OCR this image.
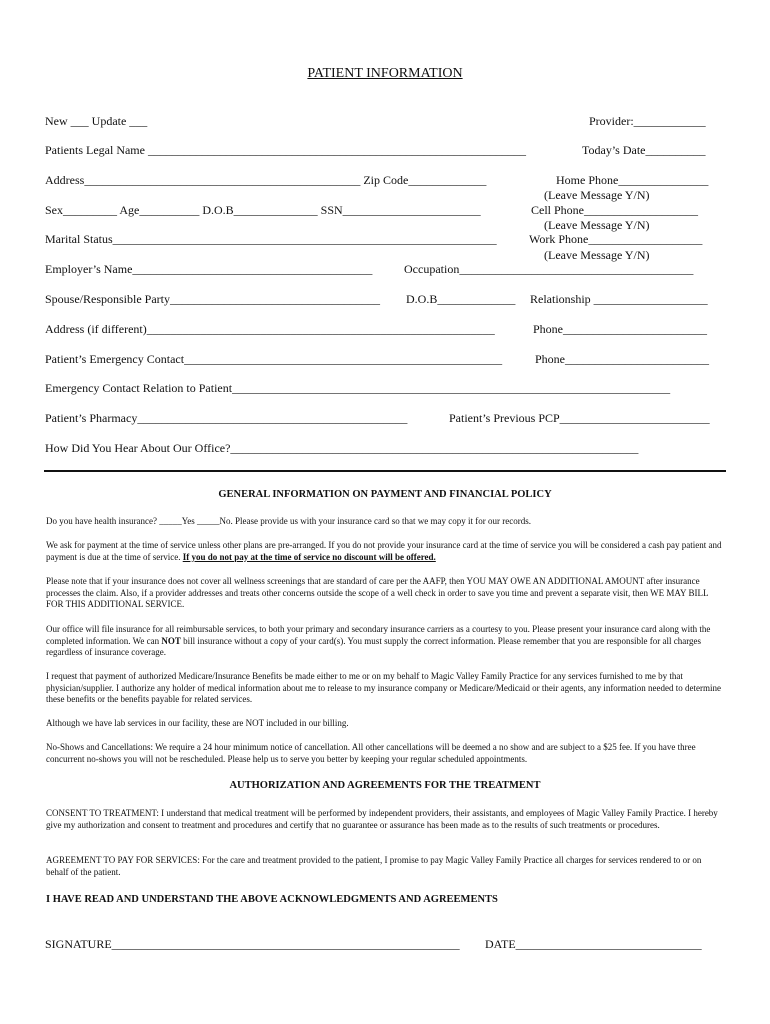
PATIENT INFORMATION
New ___ Update ___	Provider:____________
Patients Legal Name _______________________________________________________________	Today’s Date__________
Address______________________________________________ Zip Code_____________	Home Phone_______________
(Leave Message Y/N)
Sex_________ Age__________ D.O.B______________ SSN_______________________	Cell Phone___________________
(Leave Message Y/N)
Marital Status________________________________________________________________	Work Phone___________________
(Leave Message Y/N)
Employer’s Name________________________________________	Occupation_______________________________________
Spouse/Responsible Party___________________________________ D.O.B_____________ Relationship ___________________
Address (if different)__________________________________________________________	Phone________________________
Patient’s Emergency Contact_____________________________________________________	Phone________________________
Emergency Contact Relation to Patient_________________________________________________________________________
Patient’s Pharmacy_____________________________________________	Patient’s Previous PCP_________________________
How Did You Hear About Our Office?____________________________________________________________________
GENERAL INFORMATION ON PAYMENT AND FINANCIAL POLICY
Do you have health insurance? _____Yes _____No. Please provide us with your insurance card so that we may copy it for our records.
We ask for payment at the time of service unless other plans are pre-arranged. If you do not provide your insurance card at the time of service you will be considered a cash pay patient and payment is due at the time of service. If you do not pay at the time of service no discount will be offered.
Please note that if your insurance does not cover all wellness screenings that are standard of care per the AAFP, then YOU MAY OWE AN ADDITIONAL AMOUNT after insurance processes the claim. Also, if a provider addresses and treats other concerns outside the scope of a well check in order to save you time and prevent a separate visit, then WE MAY BILL FOR THIS ADDITIONAL SERVICE.
Our office will file insurance for all reimbursable services, to both your primary and secondary insurance carriers as a courtesy to you. Please present your insurance card along with the completed information. We can NOT bill insurance without a copy of your card(s). You must supply the correct information. Please remember that you are responsible for all charges regardless of insurance coverage.
I request that payment of authorized Medicare/Insurance Benefits be made either to me or on my behalf to Magic Valley Family Practice for any services furnished to me by that physician/supplier. I authorize any holder of medical information about me to release to my insurance company or Medicare/Medicaid or their agents, any information needed to determine these benefits or the benefits payable for related services.
Although we have lab services in our facility, these are NOT included in our billing.
No-Shows and Cancellations: We require a 24 hour minimum notice of cancellation. All other cancellations will be deemed a no show and are subject to a $25 fee. If you have three concurrent no-shows you will not be rescheduled. Please help us to serve you better by keeping your regular scheduled appointments.
AUTHORIZATION AND AGREEMENTS FOR THE TREATMENT
CONSENT TO TREATMENT: I understand that medical treatment will be performed by independent providers, their assistants, and employees of Magic Valley Family Practice. I hereby give my authorization and consent to treatment and procedures and certify that no guarantee or assurance has been made as to the results of such treatments or procedures.
AGREEMENT TO PAY FOR SERVICES: For the care and treatment provided to the patient, I promise to pay Magic Valley Family Practice all charges for services rendered to or on behalf of the patient.
I HAVE READ AND UNDERSTAND THE ABOVE ACKNOWLEDGMENTS AND AGREEMENTS
SIGNATURE__________________________________________________________ DATE_______________________________
